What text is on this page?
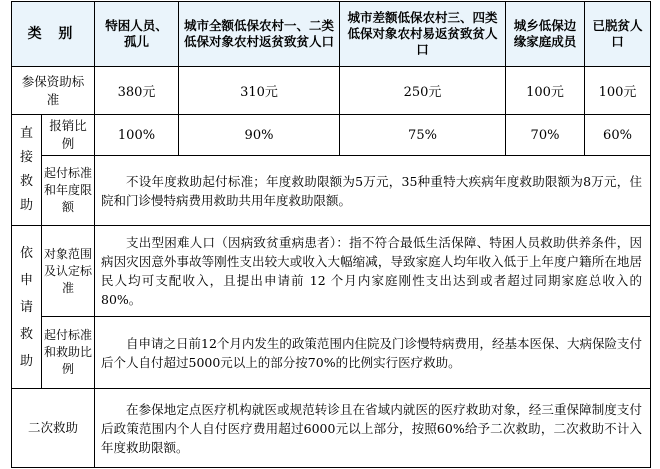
类 别		特困人员、孤儿	城市全额低保农村一、二类低保对象农村返贫致贫人口	城市差额低保农村三、四类低保对象农村易返贫致贫人口	城乡低保边缘家庭成员	已脱贫人口
参保资助标准		380元	310元	250元	100元	100元

直接救助	报销比例	100%	90%	75%	70%	60%
	起付标准和年度限额	不设年度救助起付标准；年度救助限额为5万元，35种重特大疾病年度救助限额为8万元，住院和门诊慢特病费用救助共用年度救助限额。				

依申请救助	对象范围及认定标准	支出型困难人口（因病致贫重病患者）：指不符合最低生活保障、特困人员救助供养条件，因病因灾因意外事故等刚性支出较大或收入大幅缩减，导致家庭人均年收入低于上年度户籍所在地居民人均可支配收入，且提出申请前 12 个月内家庭刚性支出达到或者超过同期家庭总收入的 80%。				
	起付标准和救助比例	自申请之日前12个月内发生的政策范围内住院及门诊慢特病费用，经基本医保、大病保险支付后个人自付超过5000元以上的部分按70%的比例实行医疗救助。				
二次救助		在参保地定点医疗机构就医或规范转诊且在省域内就医的医疗救助对象，经三重保障制度支付后政策范围内个人自付医疗费用超过6000元以上部分，按照60%给予二次救助，二次救助不计入年度救助限额。				
